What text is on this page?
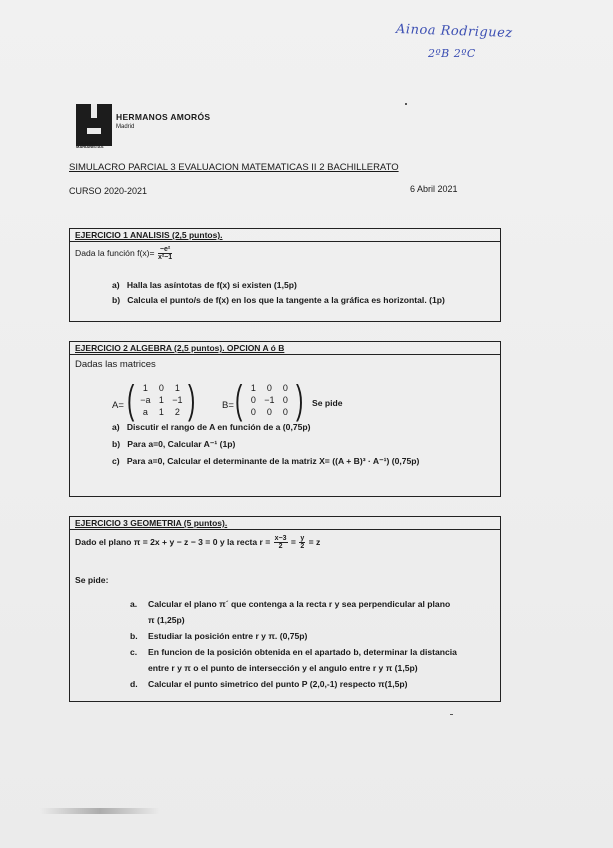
Ainoa Rodriguez
2ºB 2ºC
HERMANOS AMORÓS
Madrid
COLEGIOS MARIANISTAS
SIMULACRO PARCIAL 3 EVALUACION MATEMATICAS II 2 BACHILLERATO
CURSO 2020-2021	6 Abril 2021
EJERCICIO 1 ANALISIS (2,5 puntos).
Dada la función $f(x)= \frac{\text{−e²}}{\text{x²−1}}$
a) Halla las asíntotas de f(x) si existen (1,5p)
b) Calcula el punto/s de f(x) en los que la tangente a la gráfica es horizontal. (1p)
EJERCICIO 2 ALGEBRA (2,5 puntos). OPCION A ó B
Dadas las matrices
A= ( 1	0	1
−a 1 −1
a	1	2 )	B= ( 1	0	0
0 −1 0
0	0	0 ) Se pide
a) Discutir el rango de A en función de a (0,75p)
b) Para a=0, Calcular A⁻¹ (1p)
c) Para a=0, Calcular el determinante de la matriz X= ((A + B)³ · A⁻¹) (0,75p)
EJERCICIO 3 GEOMETRIA (5 puntos).
Dado el plano π = 2x + y − z − 3 = 0 y la recta $r = \frac{x-3}{2} = \frac{y}{2} = z$
Se pide:
a. Calcular el plano π´ que contenga a la recta r y sea perpendicular al plano
π (1,25p)
b. Estudiar la posición entre r y π. (0,75p)
c. En funcion de la posición obtenida en el apartado b, determinar la distancia
entre r y π o el punto de intersección y el angulo entre r y π (1,5p)
d. Calcular el punto simetrico del punto P (2,0,-1) respecto π(1,5p)
